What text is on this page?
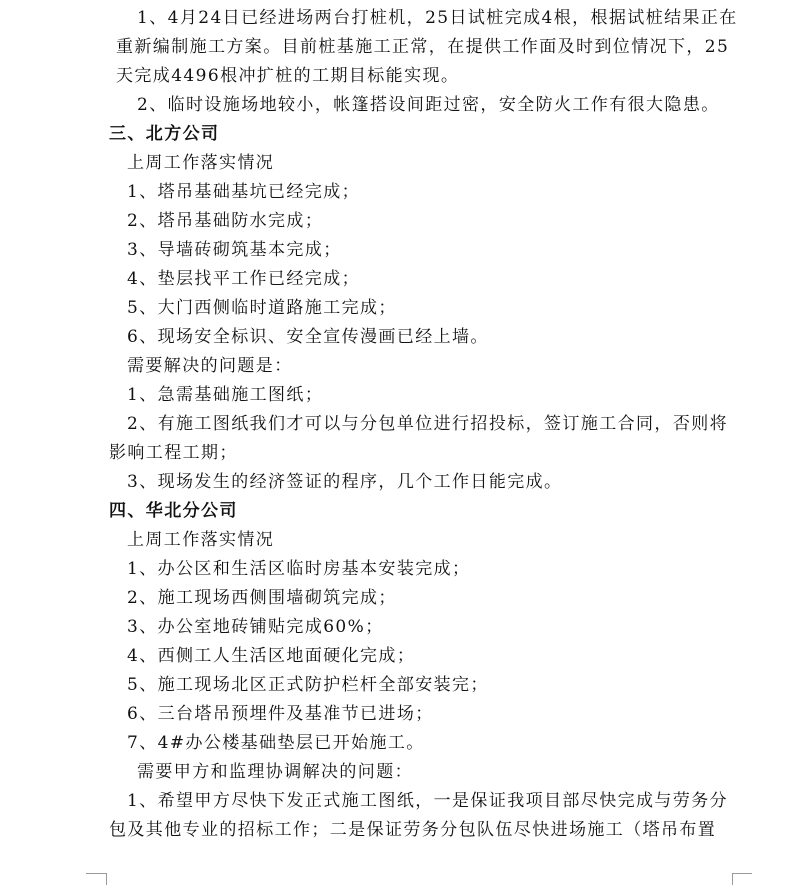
1、4月24日已经进场两台打桩机，25日试桩完成4根，根据试桩结果正在
重新编制施工方案。目前桩基施工正常，在提供工作面及时到位情况下，25
天完成4496根冲扩桩的工期目标能实现。
2、临时设施场地较小，帐篷搭设间距过密，安全防火工作有很大隐患。
三、北方公司
上周工作落实情况
1、塔吊基础基坑已经完成；
2、塔吊基础防水完成；
3、导墙砖砌筑基本完成；
4、垫层找平工作已经完成；
5、大门西侧临时道路施工完成；
6、现场安全标识、安全宣传漫画已经上墙。
需要解决的问题是：
1、急需基础施工图纸；
2、有施工图纸我们才可以与分包单位进行招投标，签订施工合同，否则将
影响工程工期；
3、现场发生的经济签证的程序，几个工作日能完成。
四、华北分公司
上周工作落实情况
1、办公区和生活区临时房基本安装完成；
2、施工现场西侧围墙砌筑完成；
3、办公室地砖铺贴完成60%；
4、西侧工人生活区地面硬化完成；
5、施工现场北区正式防护栏杆全部安装完；
6、三台塔吊预埋件及基准节已进场；
7、4#办公楼基础垫层已开始施工。
需要甲方和监理协调解决的问题：
1、希望甲方尽快下发正式施工图纸，一是保证我项目部尽快完成与劳务分
包及其他专业的招标工作；二是保证劳务分包队伍尽快进场施工（塔吊布置
